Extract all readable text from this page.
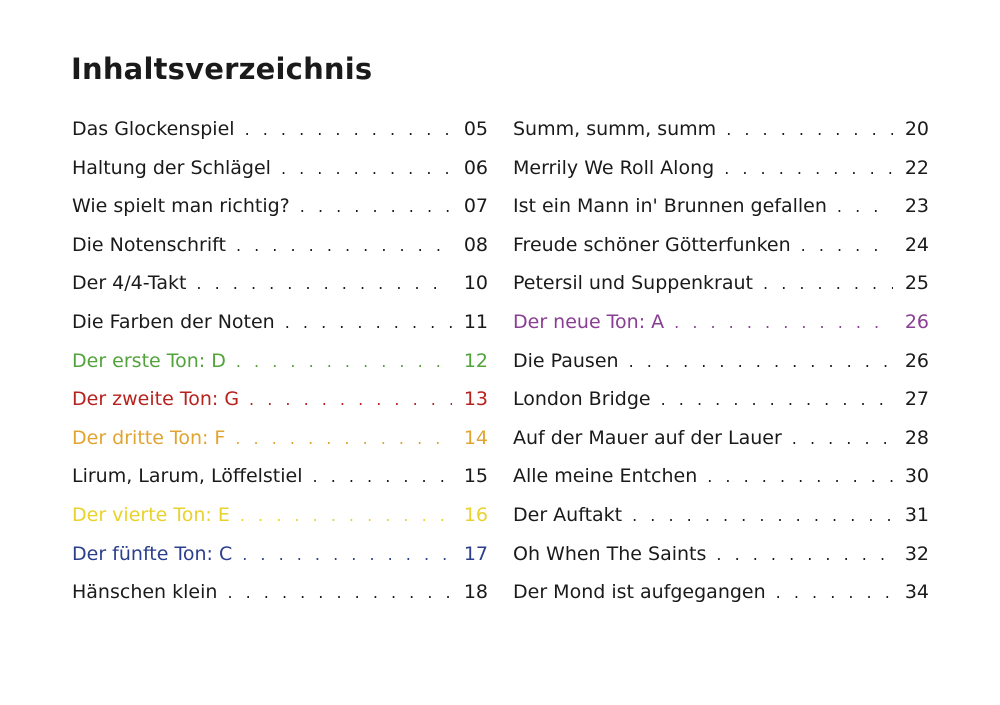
Inhaltsverzeichnis
Das Glockenspiel . . .	05
Haltung der Schlägel . . .	06
Wie spielt man richtig? . . .	07
Die Notenschrift . . .	08
Der 4/4-Takt . . .	10
Die Farben der Noten . . .	11
Der erste Ton: D . . .	12
Der zweite Ton: G . . .	13
Der dritte Ton: F . . .	14
Lirum, Larum, Löffelstiel . . .	15
Der vierte Ton: E . . .	16
Der fünfte Ton: C . . .	17
Hänschen klein . . .	18
Summ, summ, summ . . .	20
Merrily We Roll Along . . .	22
Ist ein Mann in' Brunnen gefallen . . .	23
Freude schöner Götterfunken . . .	24
Petersil und Suppenkraut . . .	25
Der neue Ton: A . . .	26
Die Pausen . . .	26
London Bridge . . .	27
Auf der Mauer auf der Lauer . . .	28
Alle meine Entchen . . .	30
Der Auftakt . . .	31
Oh When The Saints . . .	32
Der Mond ist aufgegangen . . .	34
